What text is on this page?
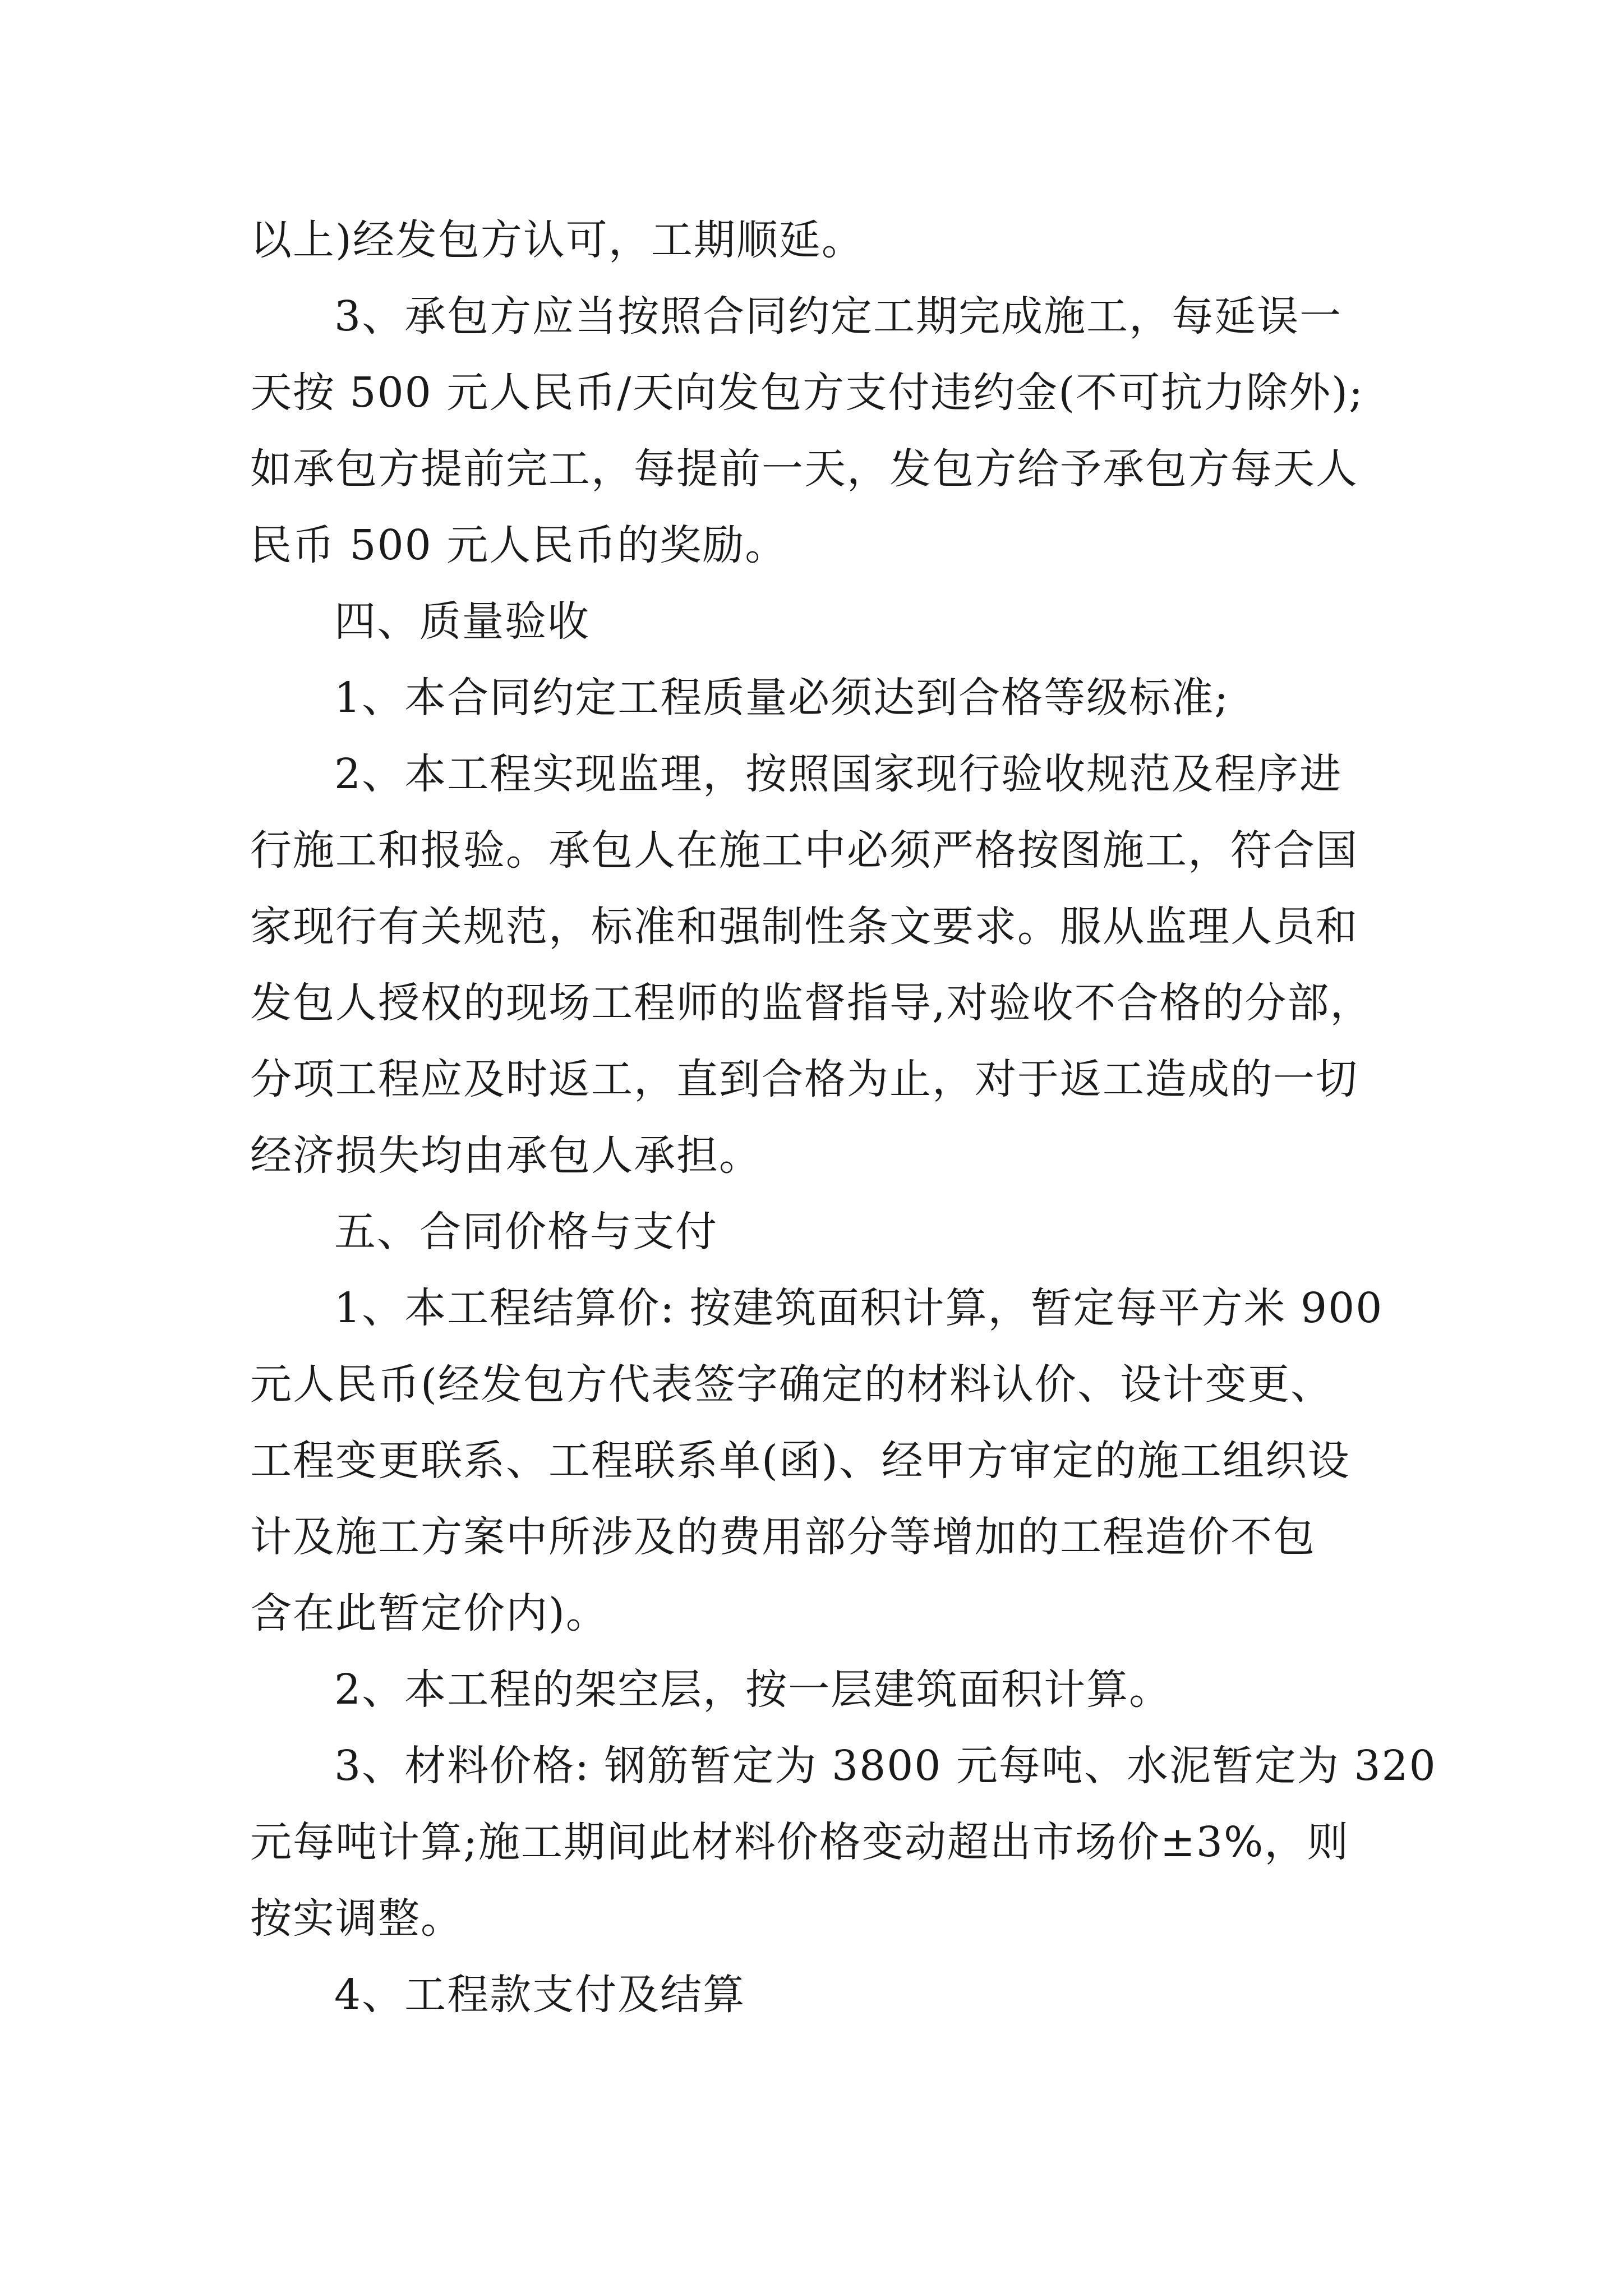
以上)经发包方认可，工期顺延。
3、承包方应当按照合同约定工期完成施工，每延误一
天按 500 元人民币/天向发包方支付违约金(不可抗力除外);
如承包方提前完工，每提前一天，发包方给予承包方每天人
民币 500 元人民币的奖励。
四、质量验收
1、本合同约定工程质量必须达到合格等级标准;
2、本工程实现监理，按照国家现行验收规范及程序进
行施工和报验。承包人在施工中必须严格按图施工，符合国
家现行有关规范，标准和强制性条文要求。服从监理人员和
发包人授权的现场工程师的监督指导,对验收不合格的分部，
分项工程应及时返工，直到合格为止，对于返工造成的一切
经济损失均由承包人承担。
五、合同价格与支付
1、本工程结算价: 按建筑面积计算，暂定每平方米 900
元人民币(经发包方代表签字确定的材料认价、设计变更、
工程变更联系、工程联系单(函)、经甲方审定的施工组织设
计及施工方案中所涉及的费用部分等增加的工程造价不包
含在此暂定价内)。
2、本工程的架空层，按一层建筑面积计算。
3、材料价格: 钢筋暂定为 3800 元每吨、水泥暂定为 320
元每吨计算;施工期间此材料价格变动超出市场价±3%，则
按实调整。
4、工程款支付及结算
